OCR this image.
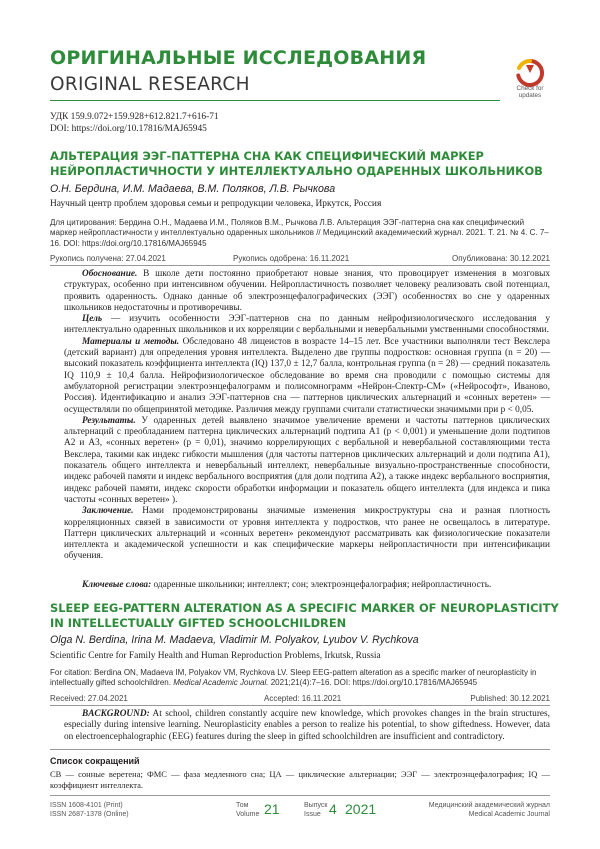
ОРИГИНАЛЬНЫЕ ИССЛЕДОВАНИЯ
ORIGINAL RESEARCH	Check for
updates
УДК 159.9.072+159.928+612.821.7+616-71
DOI: https://doi.org/10.17816/MAJ65945
АЛЬТЕРАЦИЯ ЭЭГ-ПАТТЕРНА СНА КАК СПЕЦИФИЧЕСКИЙ МАРКЕР
НЕЙРОПЛАСТИЧНОСТИ У ИНТЕЛЛЕКТУАЛЬНО ОДАРЕННЫХ ШКОЛЬНИКОВ
О.Н. Бердина, И.М. Мадаева, В.М. Поляков, Л.В. Рычкова
Научный центр проблем здоровья семьи и репродукции человека, Иркутск, Россия
Для цитирования: Бердина О.Н., Мадаева И.М., Поляков В.М., Рычкова Л.В. Альтерация ЭЭГ-паттерна сна как специфический маркер нейропластичности у интеллектуально одаренных школьников // Медицинский академический журнал. 2021. Т. 21. № 4. С. 7–16. DOI: https://doi.org/10.17816/MAJ65945
Рукопись получена: 27.04.2021	Рукопись одобрена: 16.11.2021	Опубликована: 30.12.2021

Обоснование. В школе дети постоянно приобретают новые знания, что провоцирует изменения в мозговых структурах, особенно при интенсивном обучении. Нейропластичность позволяет человеку реализовать свой потенциал, проявить одаренность. Однако данные об электроэнцефалографических (ЭЭГ) особенностях во сне у одаренных школьников недостаточны и противоречивы.

Цель — изучить особенности ЭЭГ-паттернов сна по данным нейрофизиологического исследования у интеллектуально одаренных школьников и их корреляции с вербальными и невербальными умственными способностями.

Материалы и методы. Обследовано 48 лицеистов в возрасте 14–15 лет. Все участники выполняли тест Векслера (детский вариант) для определения уровня интеллекта. Выделено две группы подростков: основная группа (n = 20) — высокий показатель коэффициента интеллекта (IQ) 137,0 ± 12,7 балла, контрольная группа (n = 28) — средний показатель IQ 110,9 ± 10,4 балла. Нейрофизиологическое обследование во время сна проводили с помощью системы для амбулаторной регистрации электроэнцефалограмм и полисомнограмм «Нейрон-Спектр-СМ» («Нейрософт», Иваново, Россия). Идентификацию и анализ ЭЭГ-паттернов сна — паттернов циклических альтернаций и «сонных веретен» — осуществляли по общепринятой методике. Различия между группами считали статистически значимыми при p < 0,05.

Результаты. У одаренных детей выявлено значимое увеличение времени и частоты паттернов циклических альтернаций с преобладанием паттерна циклических альтернаций подтипа А1 (p < 0,001) и уменьшение доли подтипов А2 и А3, «сонных веретен» (p = 0,01), значимо коррелирующих с вербальной и невербальной составляющими теста Векслера, такими как индекс гибкости мышления (для частоты паттернов циклических альтернаций и доли подтипа А1), показатель общего интеллекта и невербальный интеллект, невербальные визуально-пространственные способности, индекс рабочей памяти и индекс вербального восприятия (для доли подтипа А2), а также индекс вербального восприятия, индекс рабочей памяти, индекс скорости обработки информации и показатель общего интеллекта (для индекса и пика частоты «сонных веретен» ).

Заключение. Нами продемонстрированы значимые изменения микроструктуры сна и разная плотность корреляционных связей в зависимости от уровня интеллекта у подростков, что ранее не освещалось в литературе. Паттерн циклических альтернаций и «сонных веретен» рекомендуют рассматривать как физиологические показатели интеллекта и академической успешности и как специфические маркеры нейропластичности при интенсификации обучения.

Ключевые слова: одаренные школьники; интеллект; сон; электроэнцефалография; нейропластичность.
SLEEP EEG-PATTERN ALTERATION AS A SPECIFIC MARKER OF NEUROPLASTICITY
IN INTELLECTUALLY GIFTED SCHOOLCHILDREN
Olga N. Berdina, Irina M. Madaeva, Vladimir M. Polyakov, Lyubov V. Rychkova
Scientific Centre for Family Health and Human Reproduction Problems, Irkutsk, Russia
For citation: Berdina ON, Madaeva IM, Polyakov VM, Rychkova LV. Sleep EEG-pattern alteration as a specific marker of neuroplasticity in intellectually gifted schoolchildren. Medical Academic Journal. 2021;21(4):7–16. DOI: https://doi.org/10.17816/MAJ65945
Received: 27.04.2021	Accepted: 16.11.2021	Published: 30.12.2021

BACKGROUND: At school, children constantly acquire new knowledge, which provokes changes in the brain structures, especially during intensive learning. Neuroplasticity enables a person to realize his potential, to show giftedness. However, data on electroencephalographic (EEG) features during the sleep in gifted schoolchildren are insufficient and contradictory.

Список сокращений
СВ — сонные веретена; ФМС — фаза медленного сна; ЦА — циклические альтернации; ЭЭГ — электроэнцефалография; IQ — коэффициент интеллекта.
ISSN 1608-4101 (Print)
ISSN 2687-1378 (Online)
Том
Volume 21	Выпуск
Issue 4 2021	Медицинский академический журнал
Medical Academic Journal
